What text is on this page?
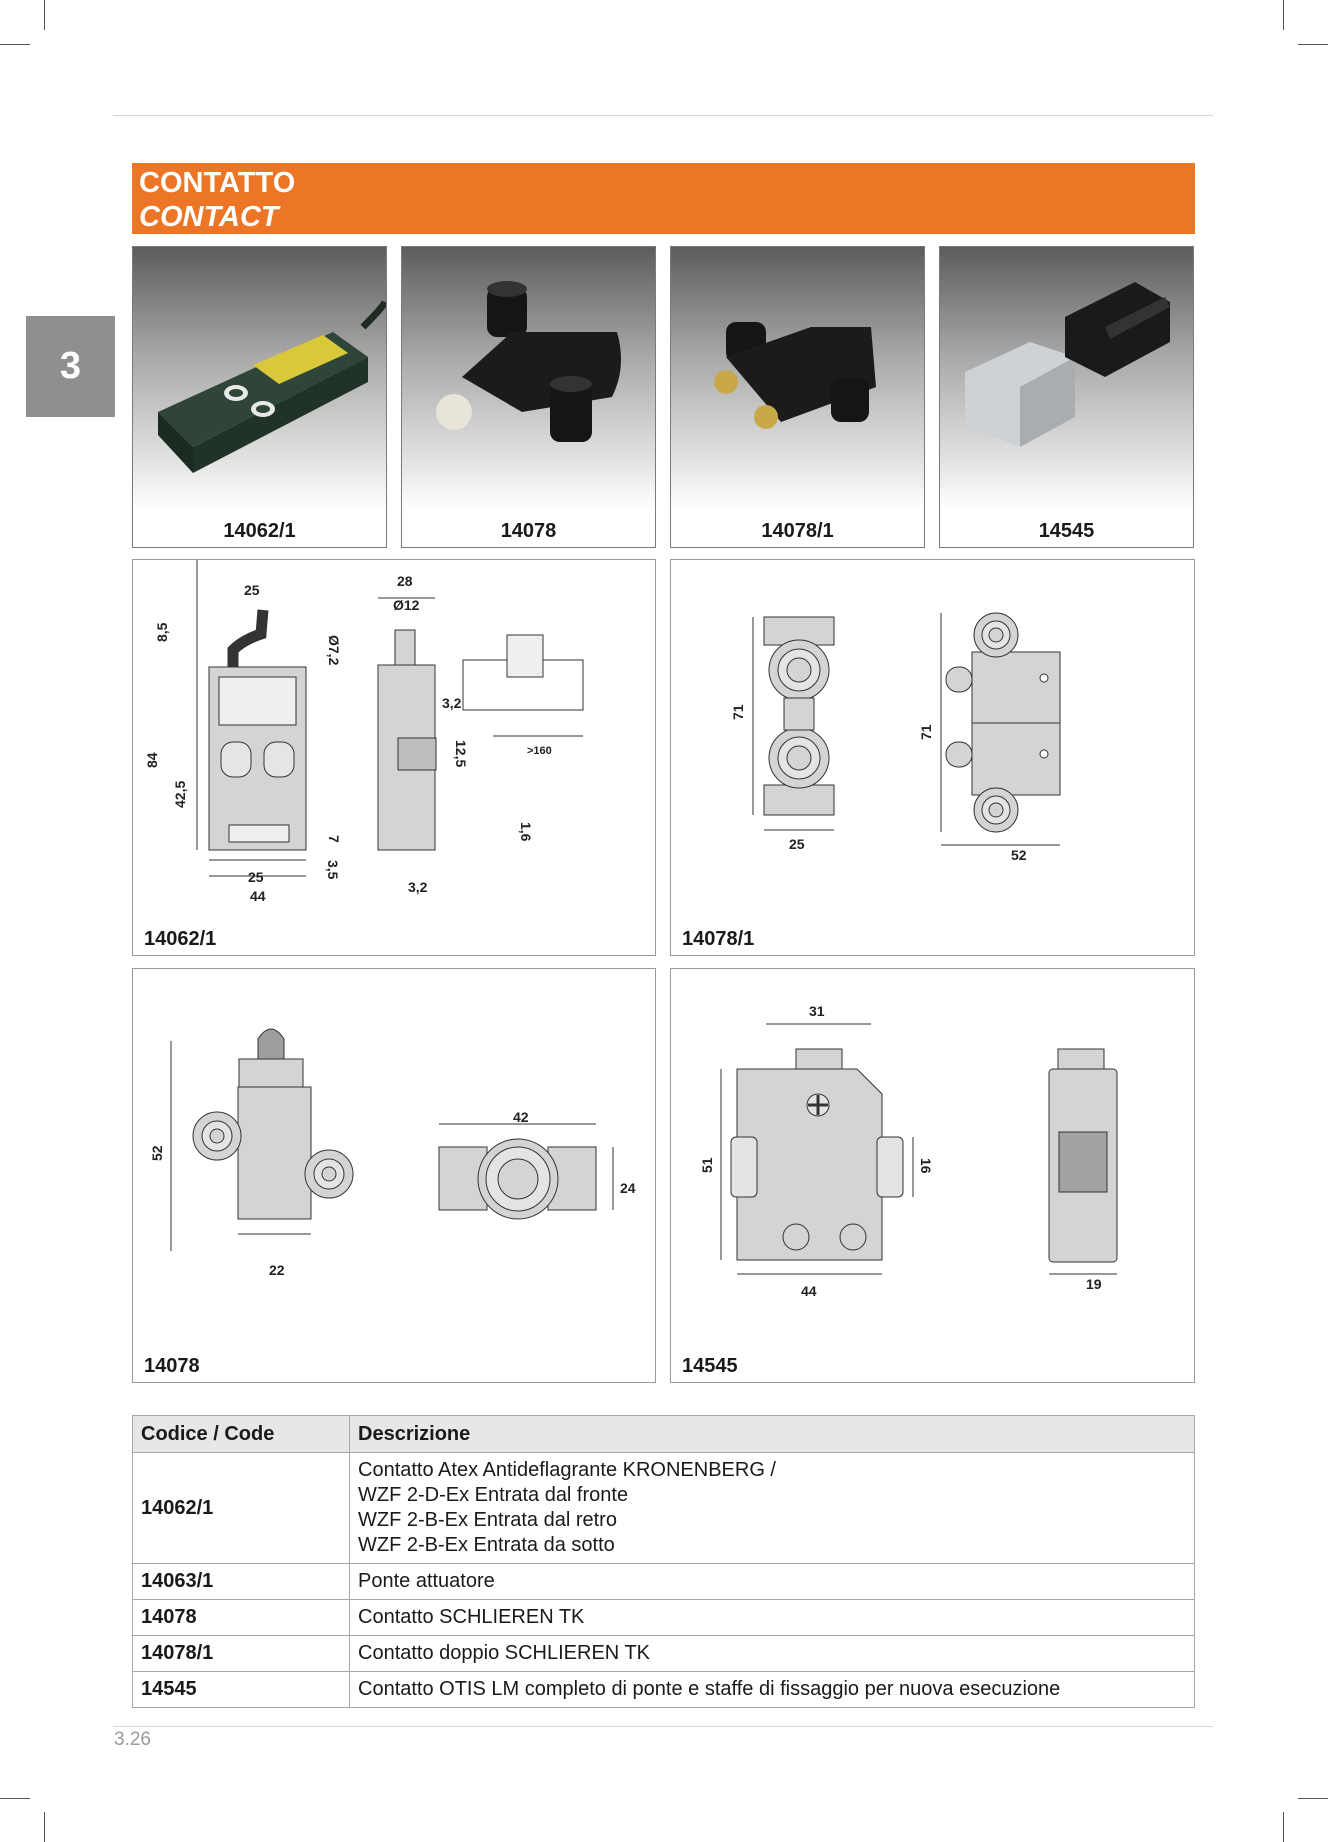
3
CONTATTO
CONTACT
14062/1	14078	14078/1	14545
25
28
Ø12
8,5
Ø7,2
84
42,5
3,2
12,5	>160
1,6
7
3,5
25
44
3,2
14062/1
71
25
71
52
14078/1
52
22
42
24
14078
31
51	16
44	19
14545
Codice / Code	Descrizione
14062/1	Contatto Atex Antideflagrante KRONENBERG /
WZF 2-D-Ex Entrata dal fronte
WZF 2-B-Ex Entrata dal retro
WZF 2-B-Ex Entrata da sotto

14063/1	Ponte attuatore
14078	Contatto SCHLIEREN TK
14078/1	Contatto doppio SCHLIEREN TK
14545	Contatto OTIS LM completo di ponte e staffe di fissaggio per nuova esecuzione
3.26
